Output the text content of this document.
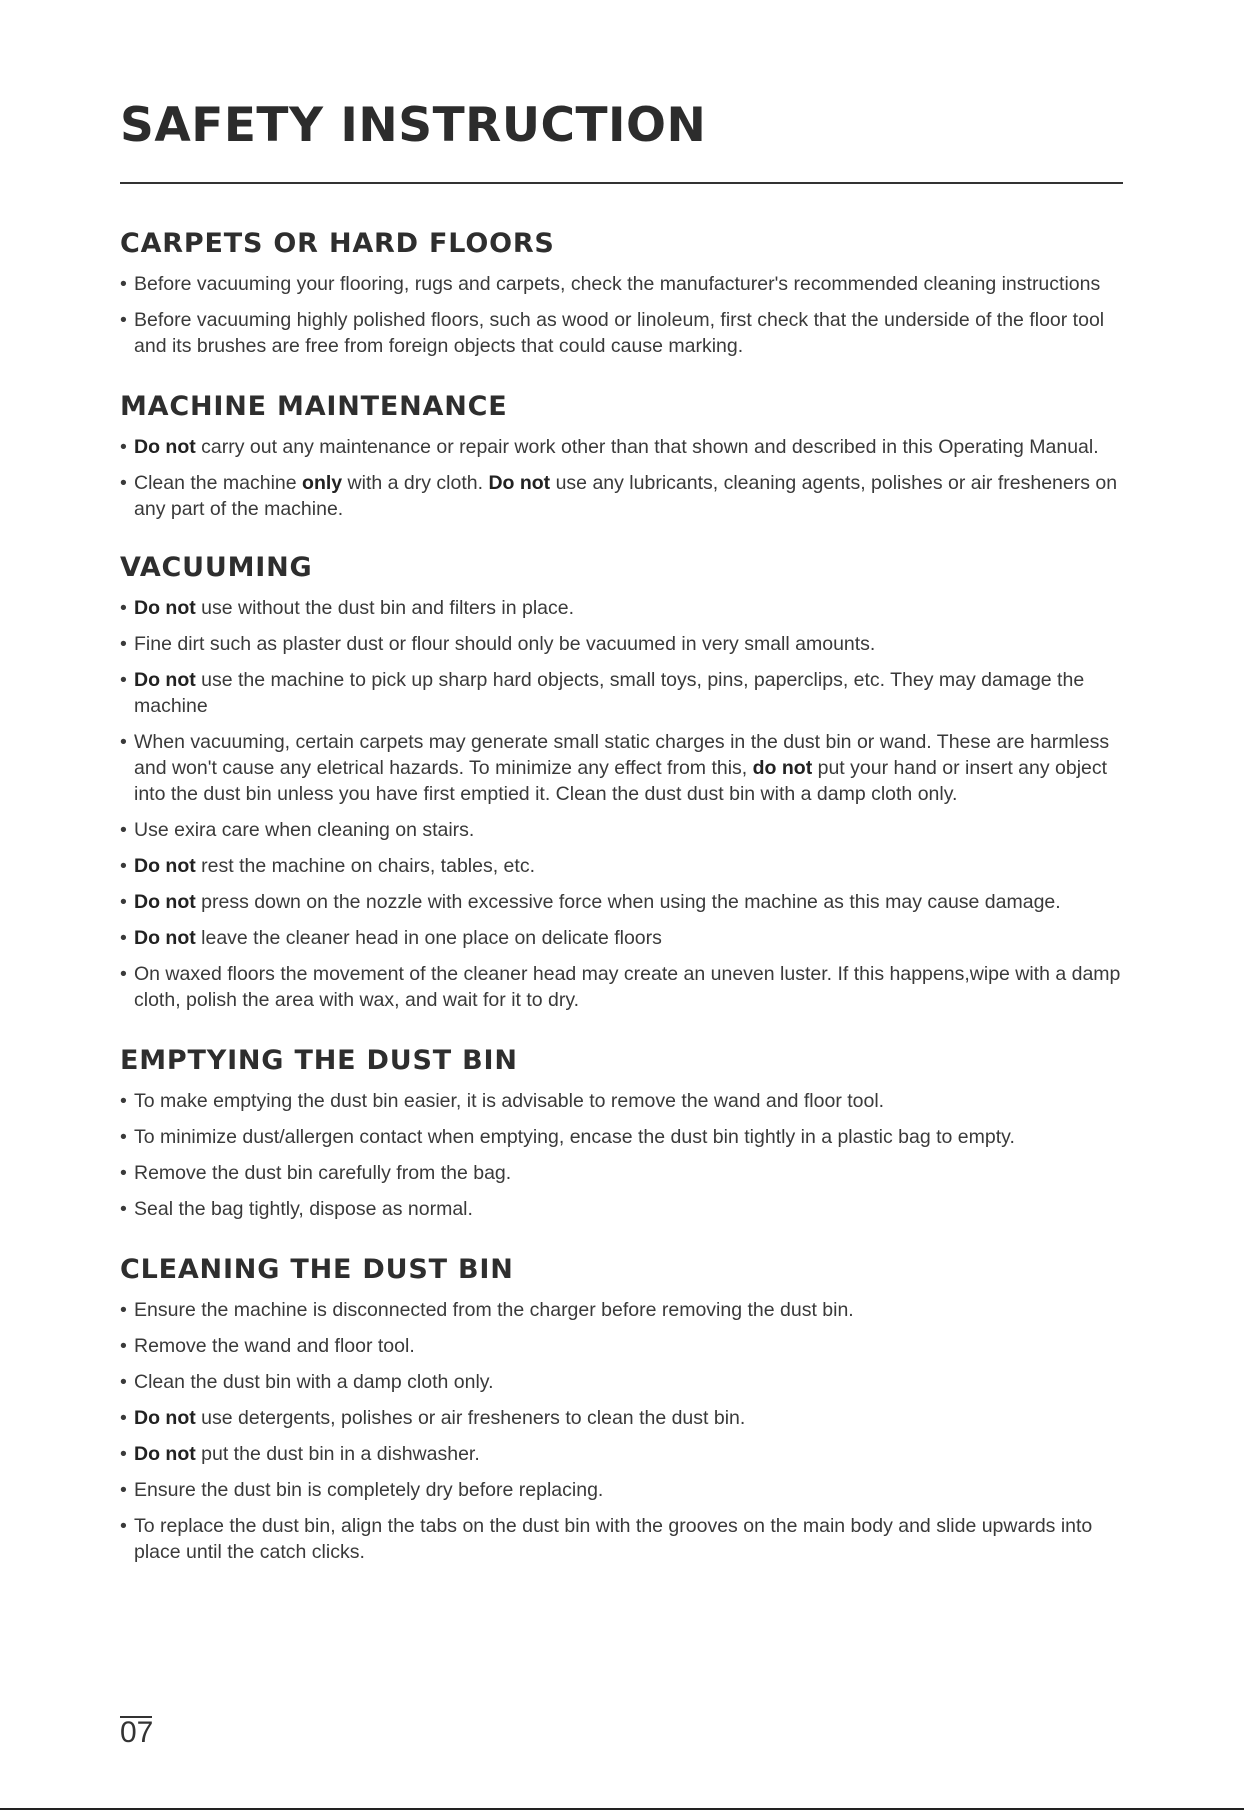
SAFETY INSTRUCTION
CARPETS OR HARD FLOORS
• Before vacuuming your flooring, rugs and carpets, check the manufacturer's recommended cleaning instructions
• Before vacuuming highly polished floors, such as wood or linoleum, first check that the underside of the floor tool and its brushes are free from foreign objects that could cause marking.
MACHINE MAINTENANCE
• Do not carry out any maintenance or repair work other than that shown and described in this Operating Manual.
• Clean the machine only with a dry cloth. Do not use any lubricants, cleaning agents, polishes or air fresheners on any part of the machine.
VACUUMING
• Do not use without the dust bin and filters in place.
• Fine dirt such as plaster dust or flour should only be vacuumed in very small amounts.
• Do not use the machine to pick up sharp hard objects, small toys, pins, paperclips, etc. They may damage the machine
• When vacuuming, certain carpets may generate small static charges in the dust bin or wand. These are harmless and won't cause any eletrical hazards. To minimize any effect from this, do not put your hand or insert any object into the dust bin unless you have first emptied it. Clean the dust dust bin with a damp cloth only.
• Use exira care when cleaning on stairs.
• Do not rest the machine on chairs, tables, etc.
• Do not press down on the nozzle with excessive force when using the machine as this may cause damage.
• Do not leave the cleaner head in one place on delicate floors
• On waxed floors the movement of the cleaner head may create an uneven luster. If this happens,wipe with a damp cloth, polish the area with wax, and wait for it to dry.
EMPTYING THE DUST BIN
• To make emptying the dust bin easier, it is advisable to remove the wand and floor tool.
• To minimize dust/allergen contact when emptying, encase the dust bin tightly in a plastic bag to empty.
• Remove the dust bin carefully from the bag.
• Seal the bag tightly, dispose as normal.
CLEANING THE DUST BIN
• Ensure the machine is disconnected from the charger before removing the dust bin.
• Remove the wand and floor tool.
• Clean the dust bin with a damp cloth only.
• Do not use detergents, polishes or air fresheners to clean the dust bin.
• Do not put the dust bin in a dishwasher.
• Ensure the dust bin is completely dry before replacing.
• To replace the dust bin, align the tabs on the dust bin with the grooves on the main body and slide upwards into place until the catch clicks.
07
